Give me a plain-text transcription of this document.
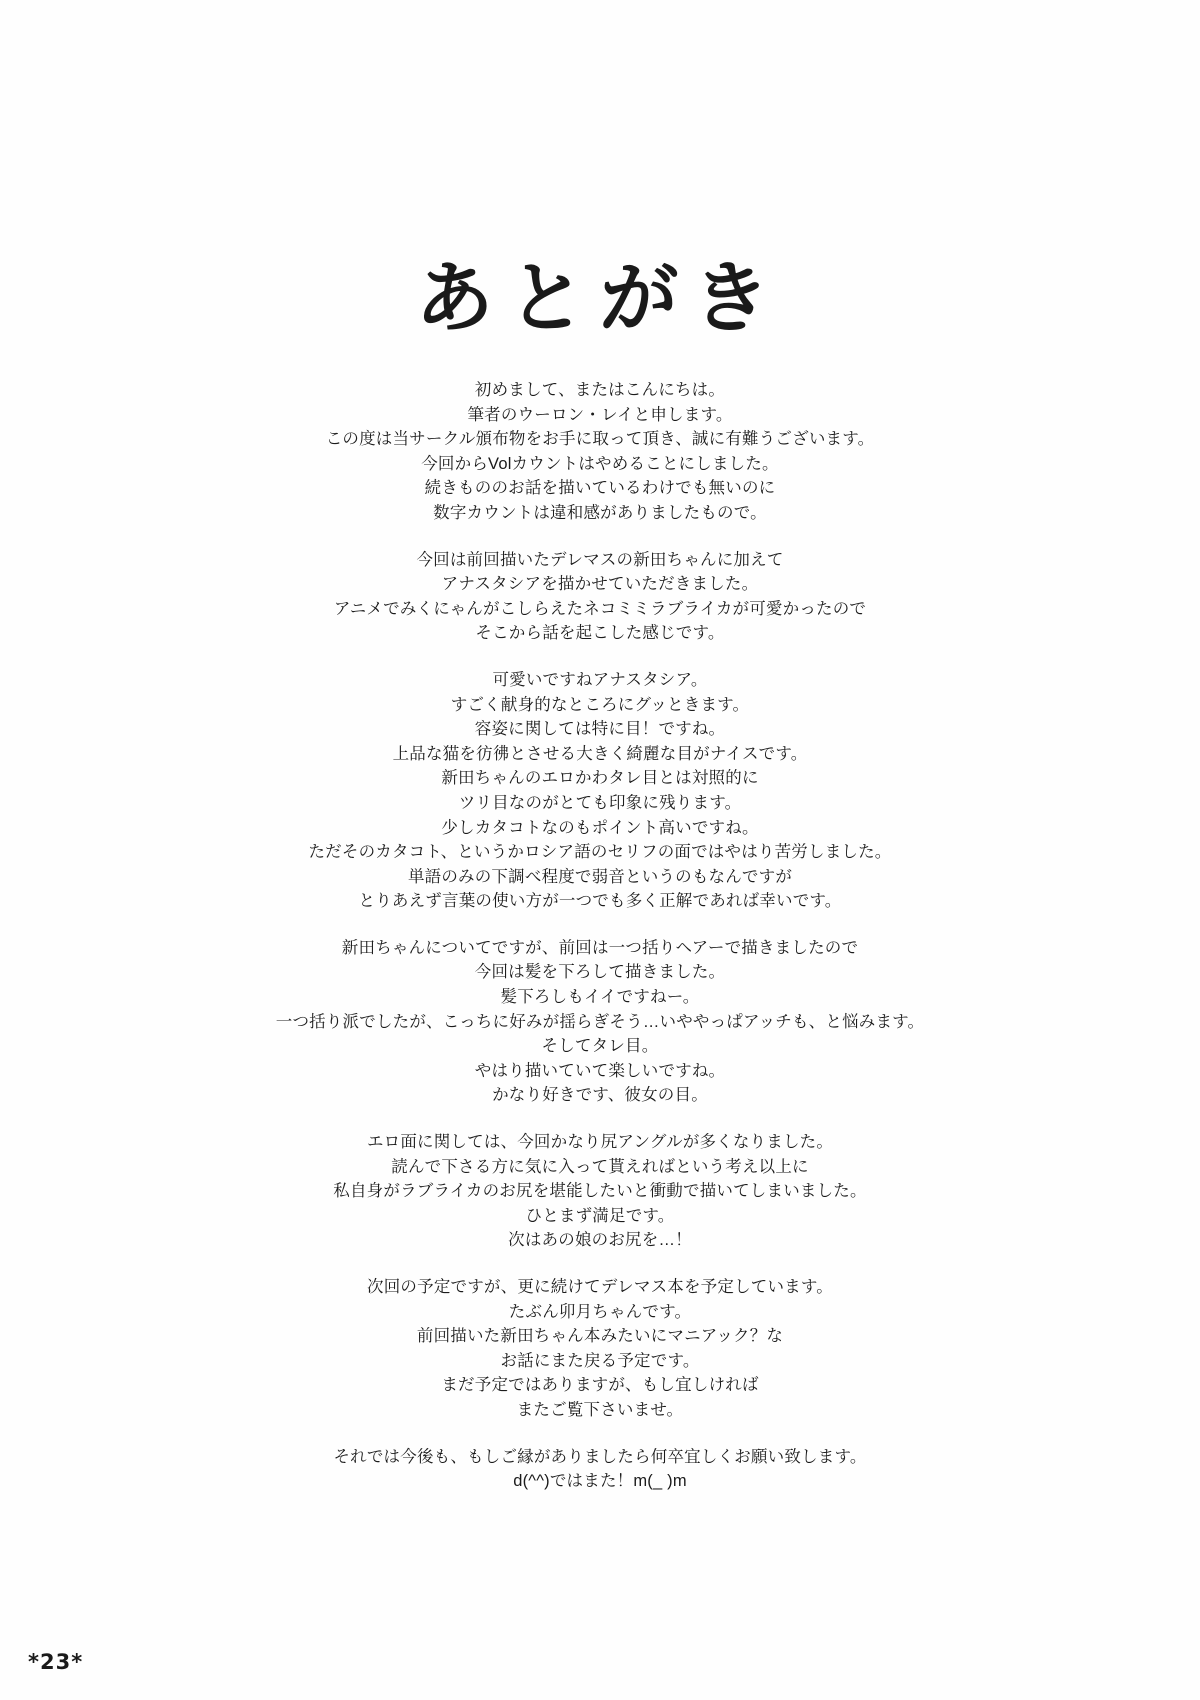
あとがき

初めまして、またはこんにちは。
筆者のウーロン・レイと申します。
この度は当サークル頒布物をお手に取って頂き、誠に有難うございます。
今回からVolカウントはやめることにしました。
続きもののお話を描いているわけでも無いのに
数字カウントは違和感がありましたもので。

今回は前回描いたデレマスの新田ちゃんに加えて
アナスタシアを描かせていただきました。
アニメでみくにゃんがこしらえたネコミミラブライカが可愛かったので
そこから話を起こした感じです。

可愛いですねアナスタシア。
すごく献身的なところにグッときます。
容姿に関しては特に目！ですね。
上品な猫を彷彿とさせる大きく綺麗な目がナイスです。
新田ちゃんのエロかわタレ目とは対照的に
ツリ目なのがとても印象に残ります。
少しカタコトなのもポイント高いですね。
ただそのカタコト、というかロシア語のセリフの面ではやはり苦労しました。
単語のみの下調べ程度で弱音というのもなんですが
とりあえず言葉の使い方が一つでも多く正解であれば幸いです。

新田ちゃんについてですが、前回は一つ括りヘアーで描きましたので
今回は髪を下ろして描きました。
髪下ろしもイイですねー。
一つ括り派でしたが、こっちに好みが揺らぎそう…いややっぱアッチも、と悩みます。
そしてタレ目。
やはり描いていて楽しいですね。
かなり好きです、彼女の目。

エロ面に関しては、今回かなり尻アングルが多くなりました。
読んで下さる方に気に入って貰えればという考え以上に
私自身がラブライカのお尻を堪能したいと衝動で描いてしまいました。
ひとまず満足です。
次はあの娘のお尻を…！

次回の予定ですが、更に続けてデレマス本を予定しています。
たぶん卯月ちゃんです。
前回描いた新田ちゃん本みたいにマニアック？な
お話にまた戻る予定です。
まだ予定ではありますが、もし宜しければ
またご覧下さいませ。

それでは今後も、もしご縁がありましたら何卒宜しくお願い致します。
d(^^)ではまた！m(_ )m

*23*
